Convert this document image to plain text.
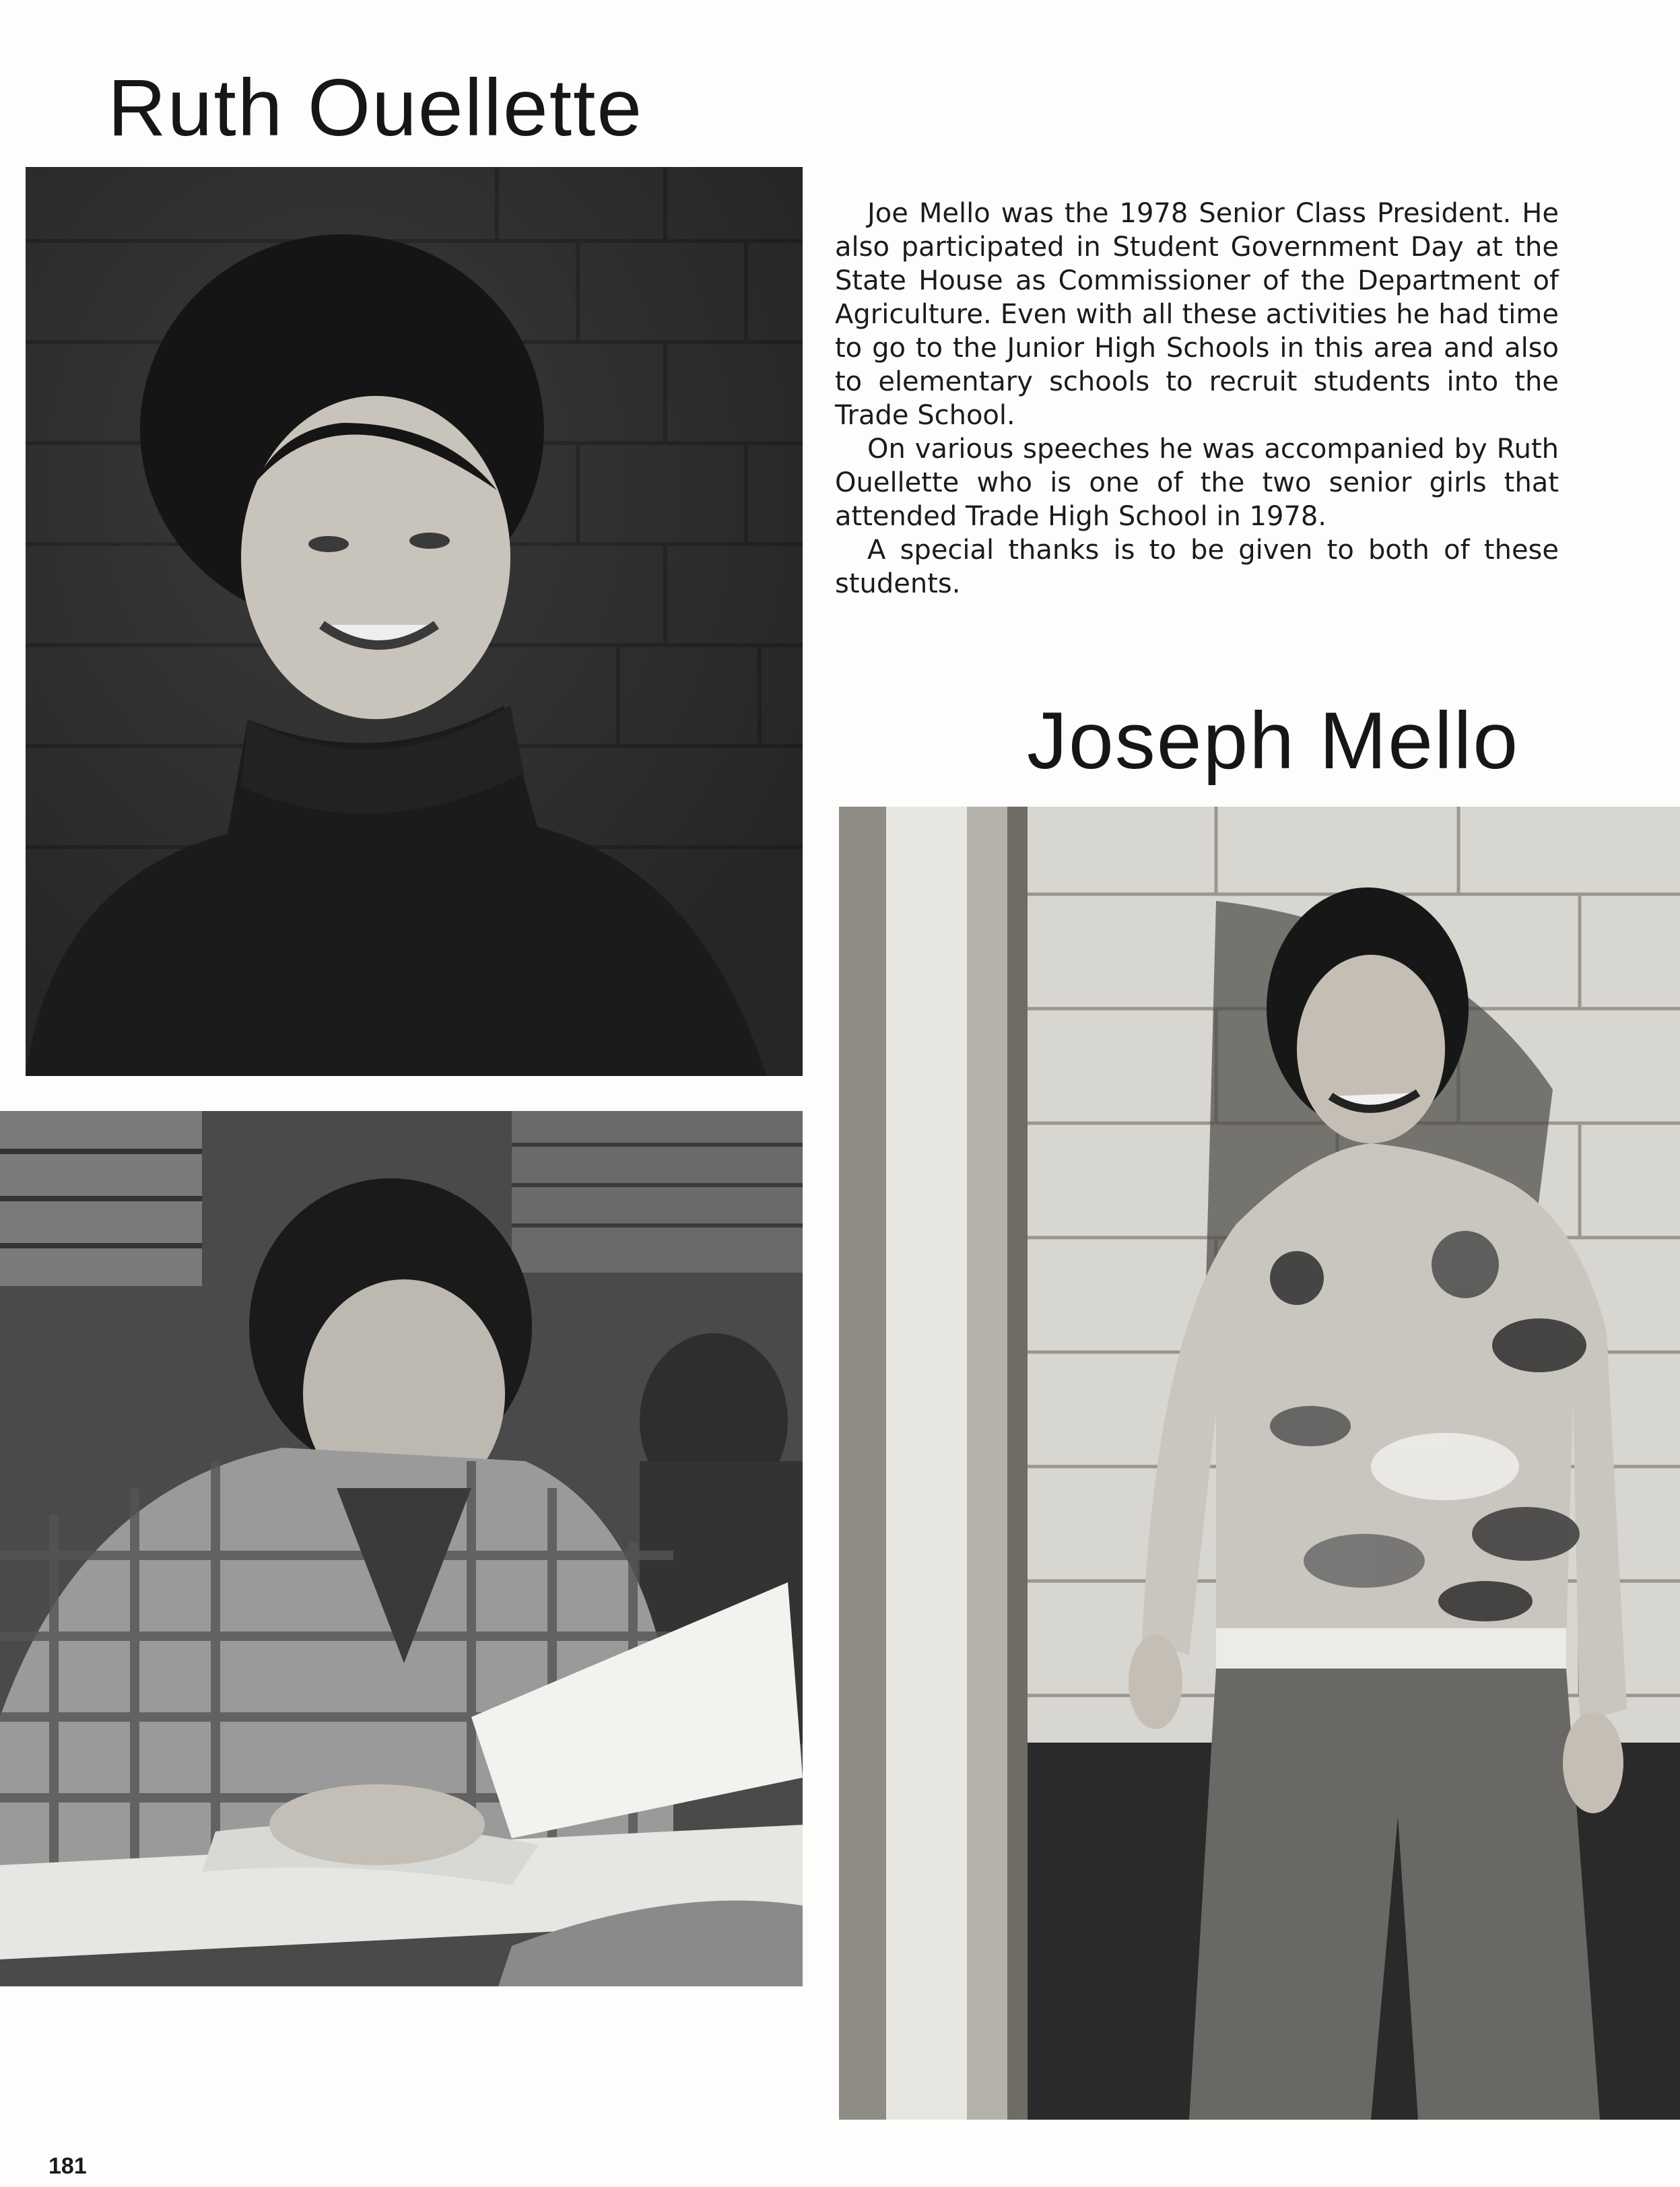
Ruth Ouellette

Joe Mello was the 1978 Senior Class President. He also participated in Student Government Day at the State House as Commissioner of the Department of Agriculture. Even with all these activities he had time to go to the Junior High Schools in this area and also to elementary schools to recruit students into the Trade School.

On various speeches he was accompanied by Ruth Ouellette who is one of the two senior girls that attended Trade High School in 1978.

A special thanks is to be given to both of these students.

Joseph Mello
181
